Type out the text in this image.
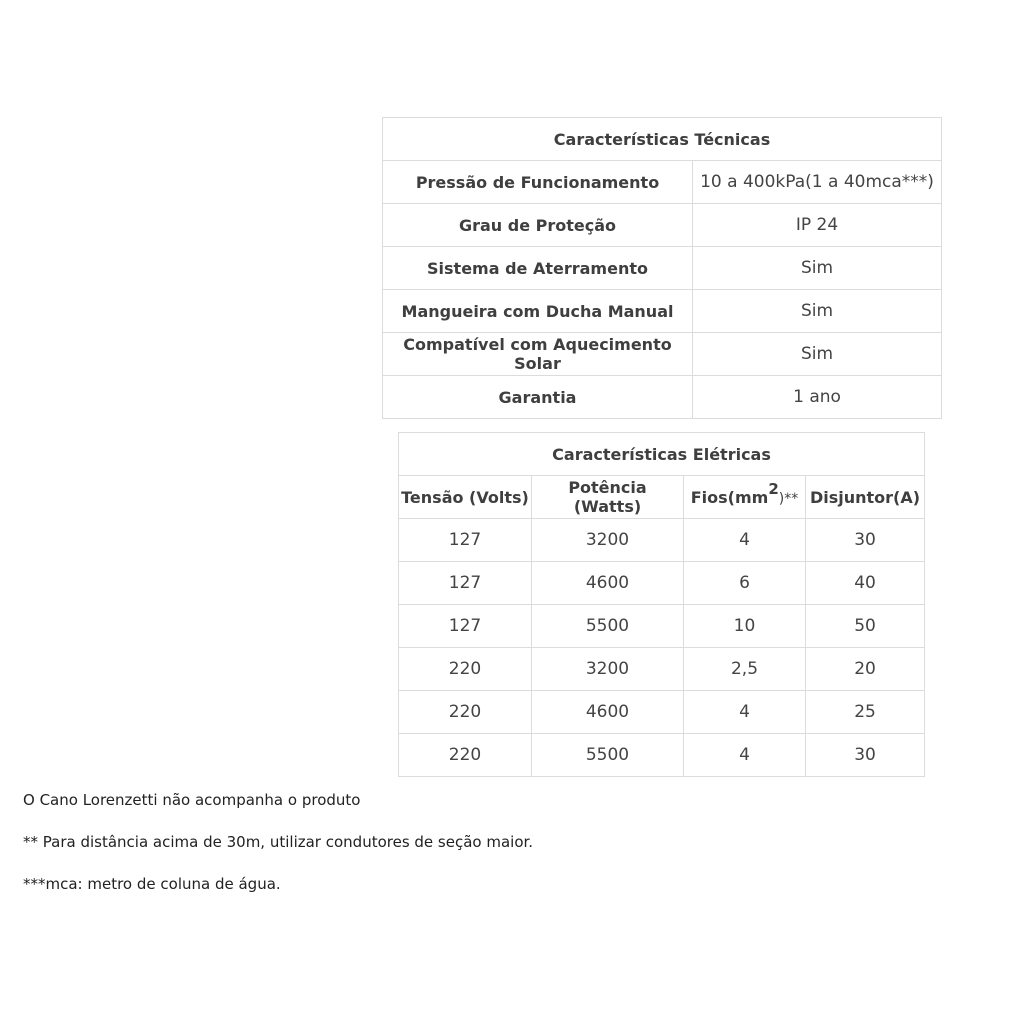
Características Técnicas	
Pressão de Funcionamento	10 a 400kPa(1 a 40mca***)
Grau de Proteção	IP 24
Sistema de Aterramento	Sim
Mangueira com Ducha Manual	Sim
Compatível com Aquecimento Solar	Sim
Garantia	1 ano
Características Elétricas			
Tensão (Volts)	Potência (Watts)	$Fios(mm^2)**$	Disjuntor(A)
127	3200	4	30
127	4600	6	40
127	5500	10	50
220	3200	2,5	20
220	4600	4	25
220	5500	4	30

O Cano Lorenzetti não acompanha o produto

** Para distância acima de 30m, utilizar condutores de seção maior.

***mca: metro de coluna de água.
